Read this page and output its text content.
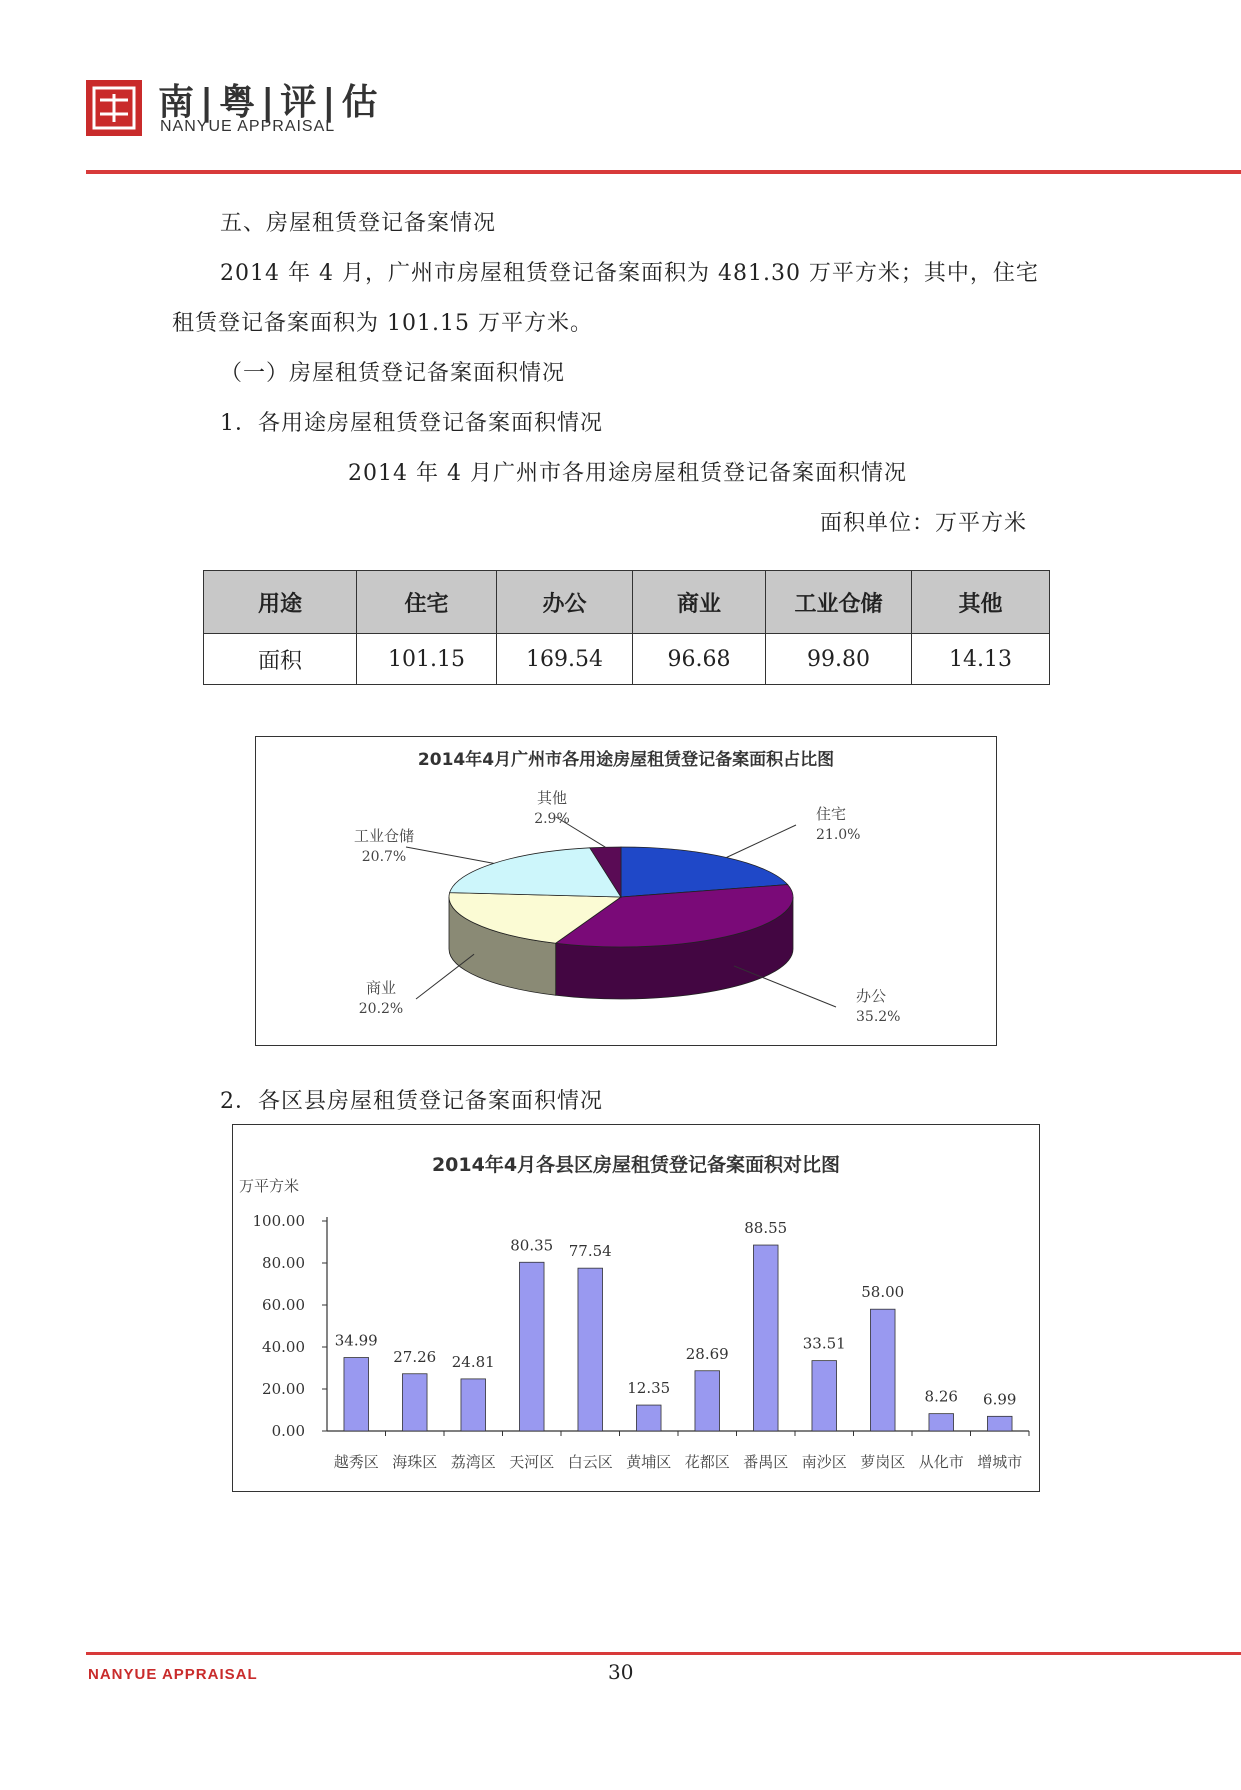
南|粤|评|估
NANYUE APPRAISAL
五、房屋租赁登记备案情况
2014 年 4 月，广州市房屋租赁登记备案面积为 481.30 万平方米；其中，住宅
租赁登记备案面积为 101.15 万平方米。
（一）房屋租赁登记备案面积情况
1．各用途房屋租赁登记备案面积情况
2014 年 4 月广州市各用途房屋租赁登记备案面积情况
面积单位：万平方米
用途	住宅	办公	商业	工业仓储	其他
面积	101.15	169.54	96.68	99.80	14.13
2014年4月广州市各用途房屋租赁登记备案面积占比图
住宅
21.0%
办公
35.2%
商业
20.2%
工业仓储
20.7%
其他
2.9%
2．各区县房屋租赁登记备案面积情况
2014年4月各县区房屋租赁登记备案面积对比图
万平方米
0.00
20.00
40.00
60.00
80.00
100.00
34.99
越秀区
27.26
海珠区
24.81
荔湾区
80.35
天河区
77.54
白云区
12.35
黄埔区
28.69
花都区
88.55
番禺区
33.51
南沙区
58.00
萝岗区
8.26
从化市
6.99
增城市
NANYUE APPRAISAL	30
